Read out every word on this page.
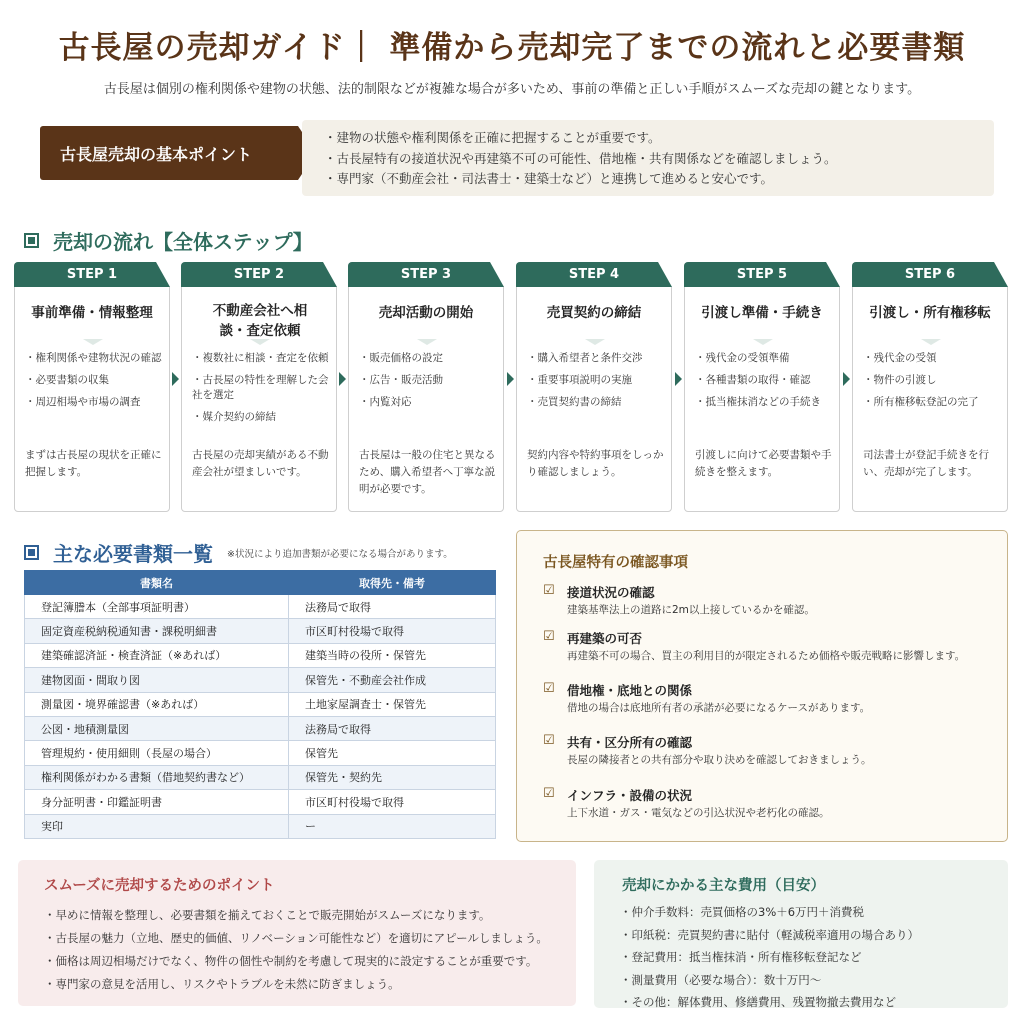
古長屋の売却ガイド｜ 準備から売却完了までの流れと必要書類
古長屋は個別の権利関係や建物の状態、法的制限などが複雑な場合が多いため、事前の準備と正しい手順がスムーズな売却の鍵となります。
古長屋売却の基本ポイント
・建物の状態や権利関係を正確に把握することが重要です。
・古長屋特有の接道状況や再建築不可の可能性、借地権・共有関係などを確認しましょう。
・専門家（不動産会社・司法書士・建築士など）と連携して進めると安心です。
売却の流れ【全体ステップ】
STEP 1
事前準備・情報整理
・権利関係や建物状況の確認
・必要書類の収集
・周辺相場や市場の調査
まずは古長屋の現状を正確に把握します。
STEP 2
不動産会社へ相談・査定依頼
・複数社に相談・査定を依頼
・古長屋の特性を理解した会社を選定
・媒介契約の締結
古長屋の売却実績がある不動産会社が望ましいです。
STEP 3
売却活動の開始
・販売価格の設定
・広告・販売活動
・内覧対応
古長屋は一般の住宅と異なるため、購入希望者へ丁寧な説明が必要です。
STEP 4
売買契約の締結
・購入希望者と条件交渉
・重要事項説明の実施
・売買契約書の締結
契約内容や特約事項をしっかり確認しましょう。
STEP 5
引渡し準備・手続き
・残代金の受領準備
・各種書類の取得・確認
・抵当権抹消などの手続き
引渡しに向けて必要書類や手続きを整えます。
STEP 6
引渡し・所有権移転
・残代金の受領
・物件の引渡し
・所有権移転登記の完了
司法書士が登記手続きを行い、売却が完了します。
主な必要書類一覧 ※状況により追加書類が必要になる場合があります。
書類名	取得先・備考
登記簿謄本（全部事項証明書）	法務局で取得
固定資産税納税通知書・課税明細書	市区町村役場で取得
建築確認済証・検査済証（※あれば）	建築当時の役所・保管先
建物図面・間取り図	保管先・不動産会社作成
測量図・境界確認書（※あれば）	土地家屋調査士・保管先
公図・地積測量図	法務局で取得
管理規約・使用細則（長屋の場合）	保管先
権利関係がわかる書類（借地契約書など）	保管先・契約先
身分証明書・印鑑証明書	市区町村役場で取得
実印	ー
古長屋特有の確認事項
☑ 接道状況の確認
建築基準法上の道路に2m以上接しているかを確認。
☑ 再建築の可否
再建築不可の場合、買主の利用目的が限定されるため価格や販売戦略に影響します。
☑ 借地権・底地との関係
借地の場合は底地所有者の承諾が必要になるケースがあります。
☑ 共有・区分所有の確認
長屋の隣接者との共有部分や取り決めを確認しておきましょう。
☑ インフラ・設備の状況
上下水道・ガス・電気などの引込状況や老朽化の確認。
スムーズに売却するためのポイント
・早めに情報を整理し、必要書類を揃えておくことで販売開始がスムーズになります。
・古長屋の魅力（立地、歴史的価値、リノベーション可能性など）を適切にアピールしましょう。
・価格は周辺相場だけでなく、物件の個性や制約を考慮して現実的に設定することが重要です。
・専門家の意見を活用し、リスクやトラブルを未然に防ぎましょう。
売却にかかる主な費用（目安）
・仲介手数料：売買価格の3%＋6万円＋消費税
・印紙税：売買契約書に貼付（軽減税率適用の場合あり）
・登記費用：抵当権抹消・所有権移転登記など
・測量費用（必要な場合）：数十万円〜
・その他：解体費用、修繕費用、残置物撤去費用など
